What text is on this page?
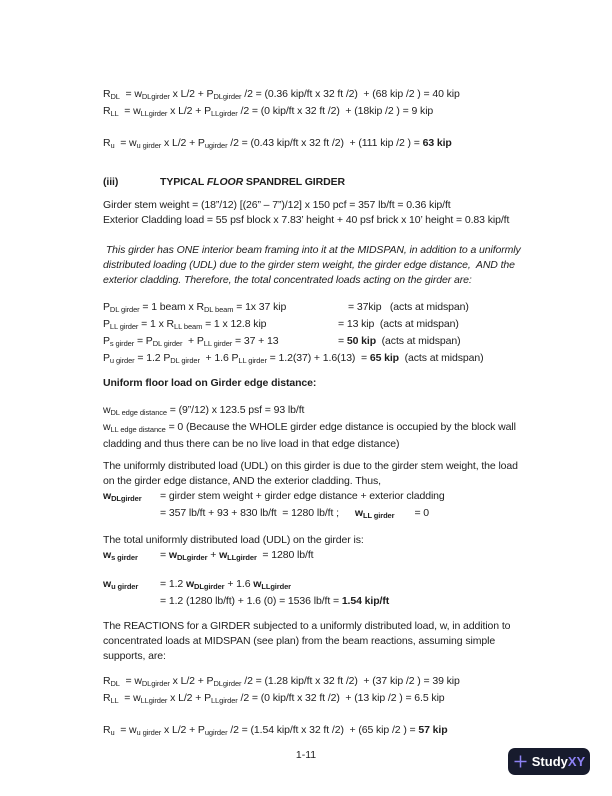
$R_{DL} = w_{DLgirder}$ x $L/2 + P_{DLgirder}$ /2 = (0.36 kip/ft x 32 ft /2)  + (68 kip /2 ) = 40 kip
$R_{LL} = w_{LLgirder}$ x $L/2 + P_{LLgirder}$ /2 = (0 kip/ft x 32 ft /2)  + (18kip /2 ) = 9 kip
$R_u = w_{u girder}$ x $L/2 + P_{ugirder}$ /2 = (0.43 kip/ft x 32 ft /2)  + (111 kip /2 ) = 63 kip
(iii)	TYPICAL FLOOR SPANDREL GIRDER
Girder stem weight = (18”/12) [(26” – 7”)/12] x 150 pcf = 357 lb/ft = 0.36 kip/ft
Exterior Cladding load = 55 psf block x 7.83’ height + 40 psf brick x 10’ height = 0.83 kip/ft
This girder has ONE interior beam framing into it at the MIDSPAN, in addition to a uniformly distributed loading (UDL) due to the girder stem weight, the girder edge distance,  AND the exterior cladding. Therefore, the total concentrated loads acting on the girder are:
$P_{DL girder} = 1$ beam x $R_{DL beam} = 1x$ 37 kip	= 37kip   (acts at midspan)
$P_{LL girder} = 1$ x $R_{LL beam} = 1$ x 12.8 kip	= 13 kip  (acts at midspan)
$P_{s girder} = P_{DL girder} + P_{LL girder} = 37 + 13$	= 50 kip  (acts at midspan)
$P_{u girder} = 1.2$ $P_{DL girder} + 1.6$ $P_{LL girder} = 1.2(37) + 1.6(13) = 65$ kip  (acts at midspan)
Uniform floor load on Girder edge distance:
$w_{DL edge distance}$ = (9”/12) x 123.5 psf = 93 lb/ft
$w_{LL edge distance} = 0$ (Because the WHOLE girder edge distance is occupied by the block wall cladding and thus there can be no live load in that edge distance)
The uniformly distributed load (UDL) on this girder is due to the girder stem weight, the load on the girder edge distance, AND the exterior cladding. Thus,
$w_{DLgirder}$ = girder stem weight + girder edge distance + exterior cladding
= 357 lb/ft + 93 + 830 lb/ft  = 1280 lb/ft ; $w_{LL girder} = 0$
The total uniformly distributed load (UDL) on the girder is:
$w_{s girder} = w_{DLgirder} + w_{LLgirder} = 1280$ lb/ft
$w_{u girder} = 1.2$ $w_{DLgirder} + 1.6$ $w_{LLgirder}$
= 1.2 (1280 lb/ft) + 1.6 (0) = 1536 lb/ft = 1.54 kip/ft
The REACTIONS for a GIRDER subjected to a uniformly distributed load, w, in addition to concentrated loads at MIDSPAN (see plan) from the beam reactions, assuming simple supports, are:
$R_{DL} = w_{DLgirder}$ x $L/2 + P_{DLgirder}$ /2 = (1.28 kip/ft x 32 ft /2)  + (37 kip /2 ) = 39 kip
$R_{LL} = w_{LLgirder}$ x $L/2 + P_{LLgirder}$ /2 = (0 kip/ft x 32 ft /2)  + (13 kip /2 ) = 6.5 kip
$R_u = w_{u girder}$ x $L/2 + P_{ugirder}$ /2 = (1.54 kip/ft x 32 ft /2)  + (65 kip /2 ) = 57 kip
1-11	StudyXY
